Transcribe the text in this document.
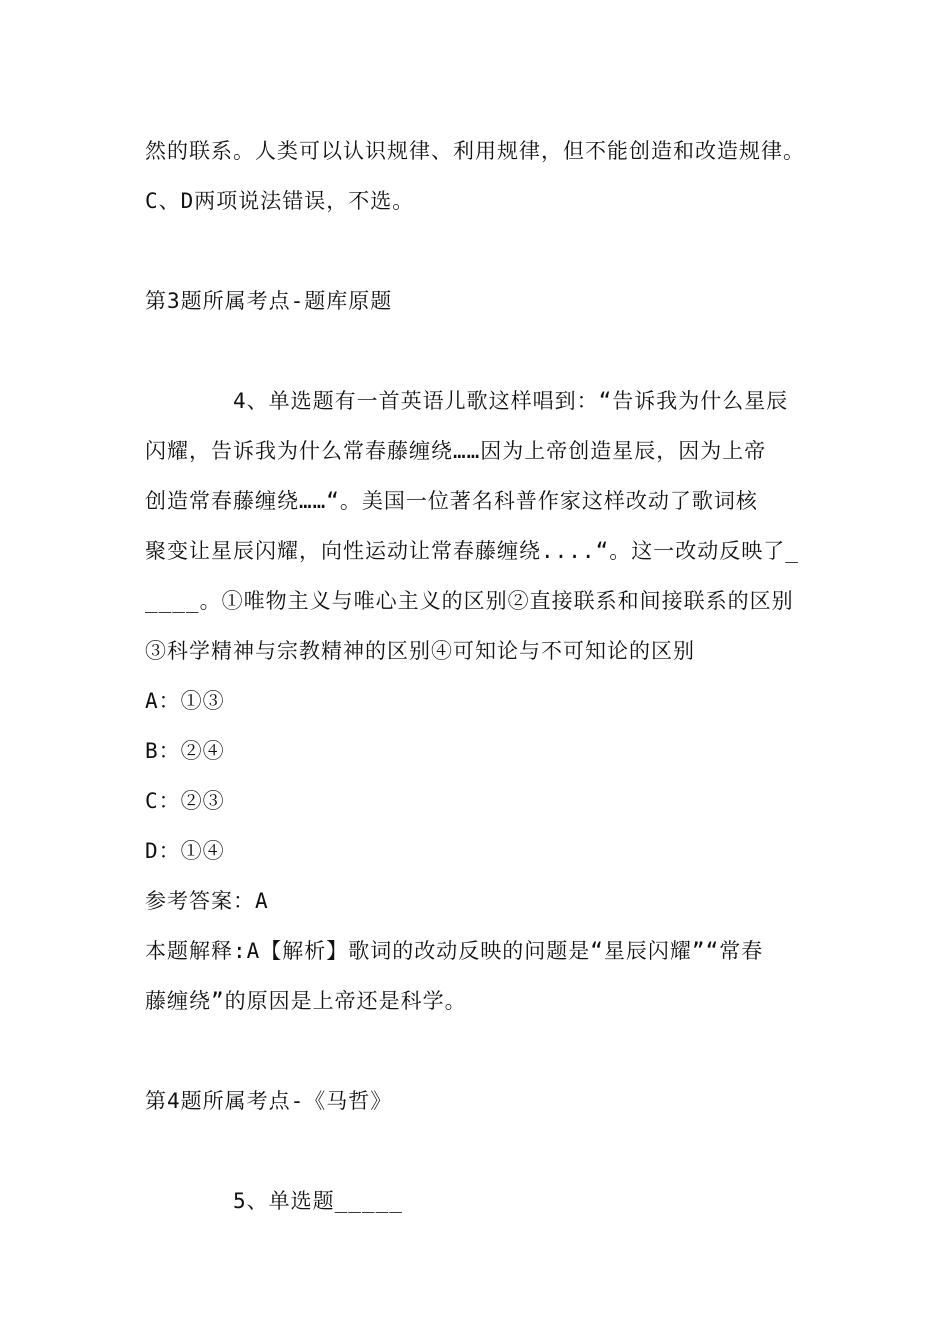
然的联系。人类可以认识规律、利用规律，但不能创造和改造规律。
C、D两项说法错误，不选。
第3题所属考点-题库原题
4、单选题有一首英语儿歌这样唱到：“告诉我为什么星辰
闪耀，告诉我为什么常春藤缠绕……因为上帝创造星辰，因为上帝
创造常春藤缠绕……“。美国一位著名科普作家这样改动了歌词核
聚变让星辰闪耀，向性运动让常春藤缠绕....“。这一改动反映了_
____。①唯物主义与唯心主义的区别②直接联系和间接联系的区别
③科学精神与宗教精神的区别④可知论与不可知论的区别
A：①③
B：②④
C：②③
D：①④
参考答案：A
本题解释:A【解析】歌词的改动反映的问题是“星辰闪耀”“常春
藤缠绕”的原因是上帝还是科学。
第4题所属考点-《马哲》
5、单选题_____
